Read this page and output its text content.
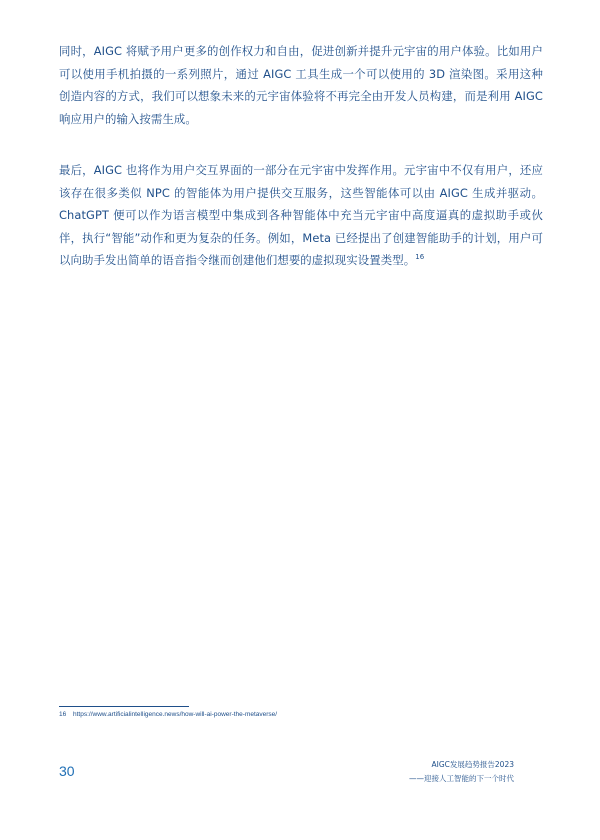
同时，AIGC 将赋予用户更多的创作权力和自由，促进创新并提升元宇宙的用户体验。比如用户可以使用手机拍摄的一系列照片，通过 AIGC 工具生成一个可以使用的 3D 渲染图。采用这种创造内容的方式，我们可以想象未来的元宇宙体验将不再完全由开发人员构建，而是利用 AIGC 响应用户的输入按需生成。

最后，AIGC 也将作为用户交互界面的一部分在元宇宙中发挥作用。元宇宙中不仅有用户，还应该存在很多类似 NPC 的智能体为用户提供交互服务，这些智能体可以由 AIGC 生成并驱动。ChatGPT 便可以作为语言模型中集成到各种智能体中充当元宇宙中高度逼真的虚拟助手或伙伴，执行“智能”动作和更为复杂的任务。例如，Meta 已经提出了创建智能助手的计划，用户可以向助手发出简单的语音指令继而创建他们想要的虚拟现实设置类型。$^{16}$

16 https://www.artificialintelligence.news/how-will-ai-power-the-metaverse/
30	AIGC发展趋势报告2023
——迎接人工智能的下一个时代
